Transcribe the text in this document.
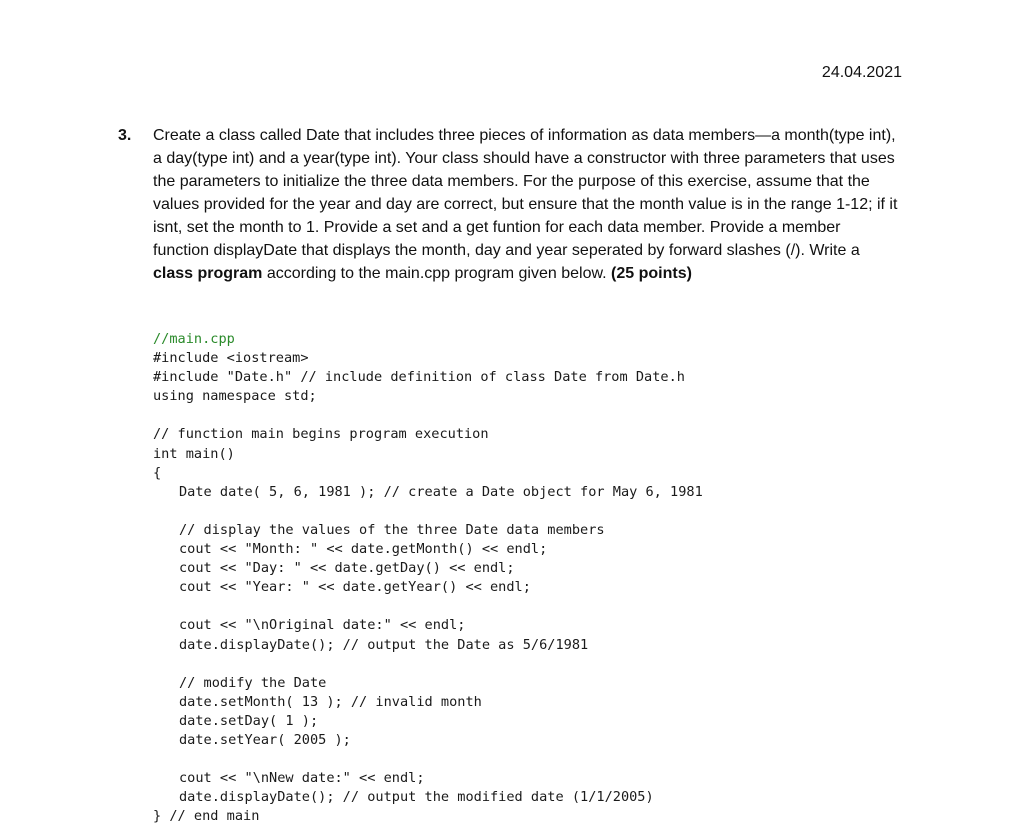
24.04.2021
3. Create a class called Date that includes three pieces of information as data members—a month(type int), a day(type int) and a year(type int). Your class should have a constructor with three parameters that uses the parameters to initialize the three data members. For the purpose of this exercise, assume that the values provided for the year and day are correct, but ensure that the month value is in the range 1-12; if it isnt, set the month to 1. Provide a set and a get funtion for each data member. Provide a member function displayDate that displays the month, day and year seperated by forward slashes (/). Write a class program according to the main.cpp program given below. (25 points)
//main.cpp
#include <iostream>
#include "Date.h" // include definition of class Date from Date.h
using namespace std;
// function main begins program execution
int main()
{
Date date( 5, 6, 1981 ); // create a Date object for May 6, 1981
// display the values of the three Date data members
cout << "Month: " << date.getMonth() << endl;
cout << "Day: " << date.getDay() << endl;
cout << "Year: " << date.getYear() << endl;
cout << "\nOriginal date:" << endl;
date.displayDate(); // output the Date as 5/6/1981
// modify the Date
date.setMonth( 13 ); // invalid month
date.setDay( 1 );
date.setYear( 2005 );
cout << "\nNew date:" << endl;
date.displayDate(); // output the modified date (1/1/2005)
} // end main
